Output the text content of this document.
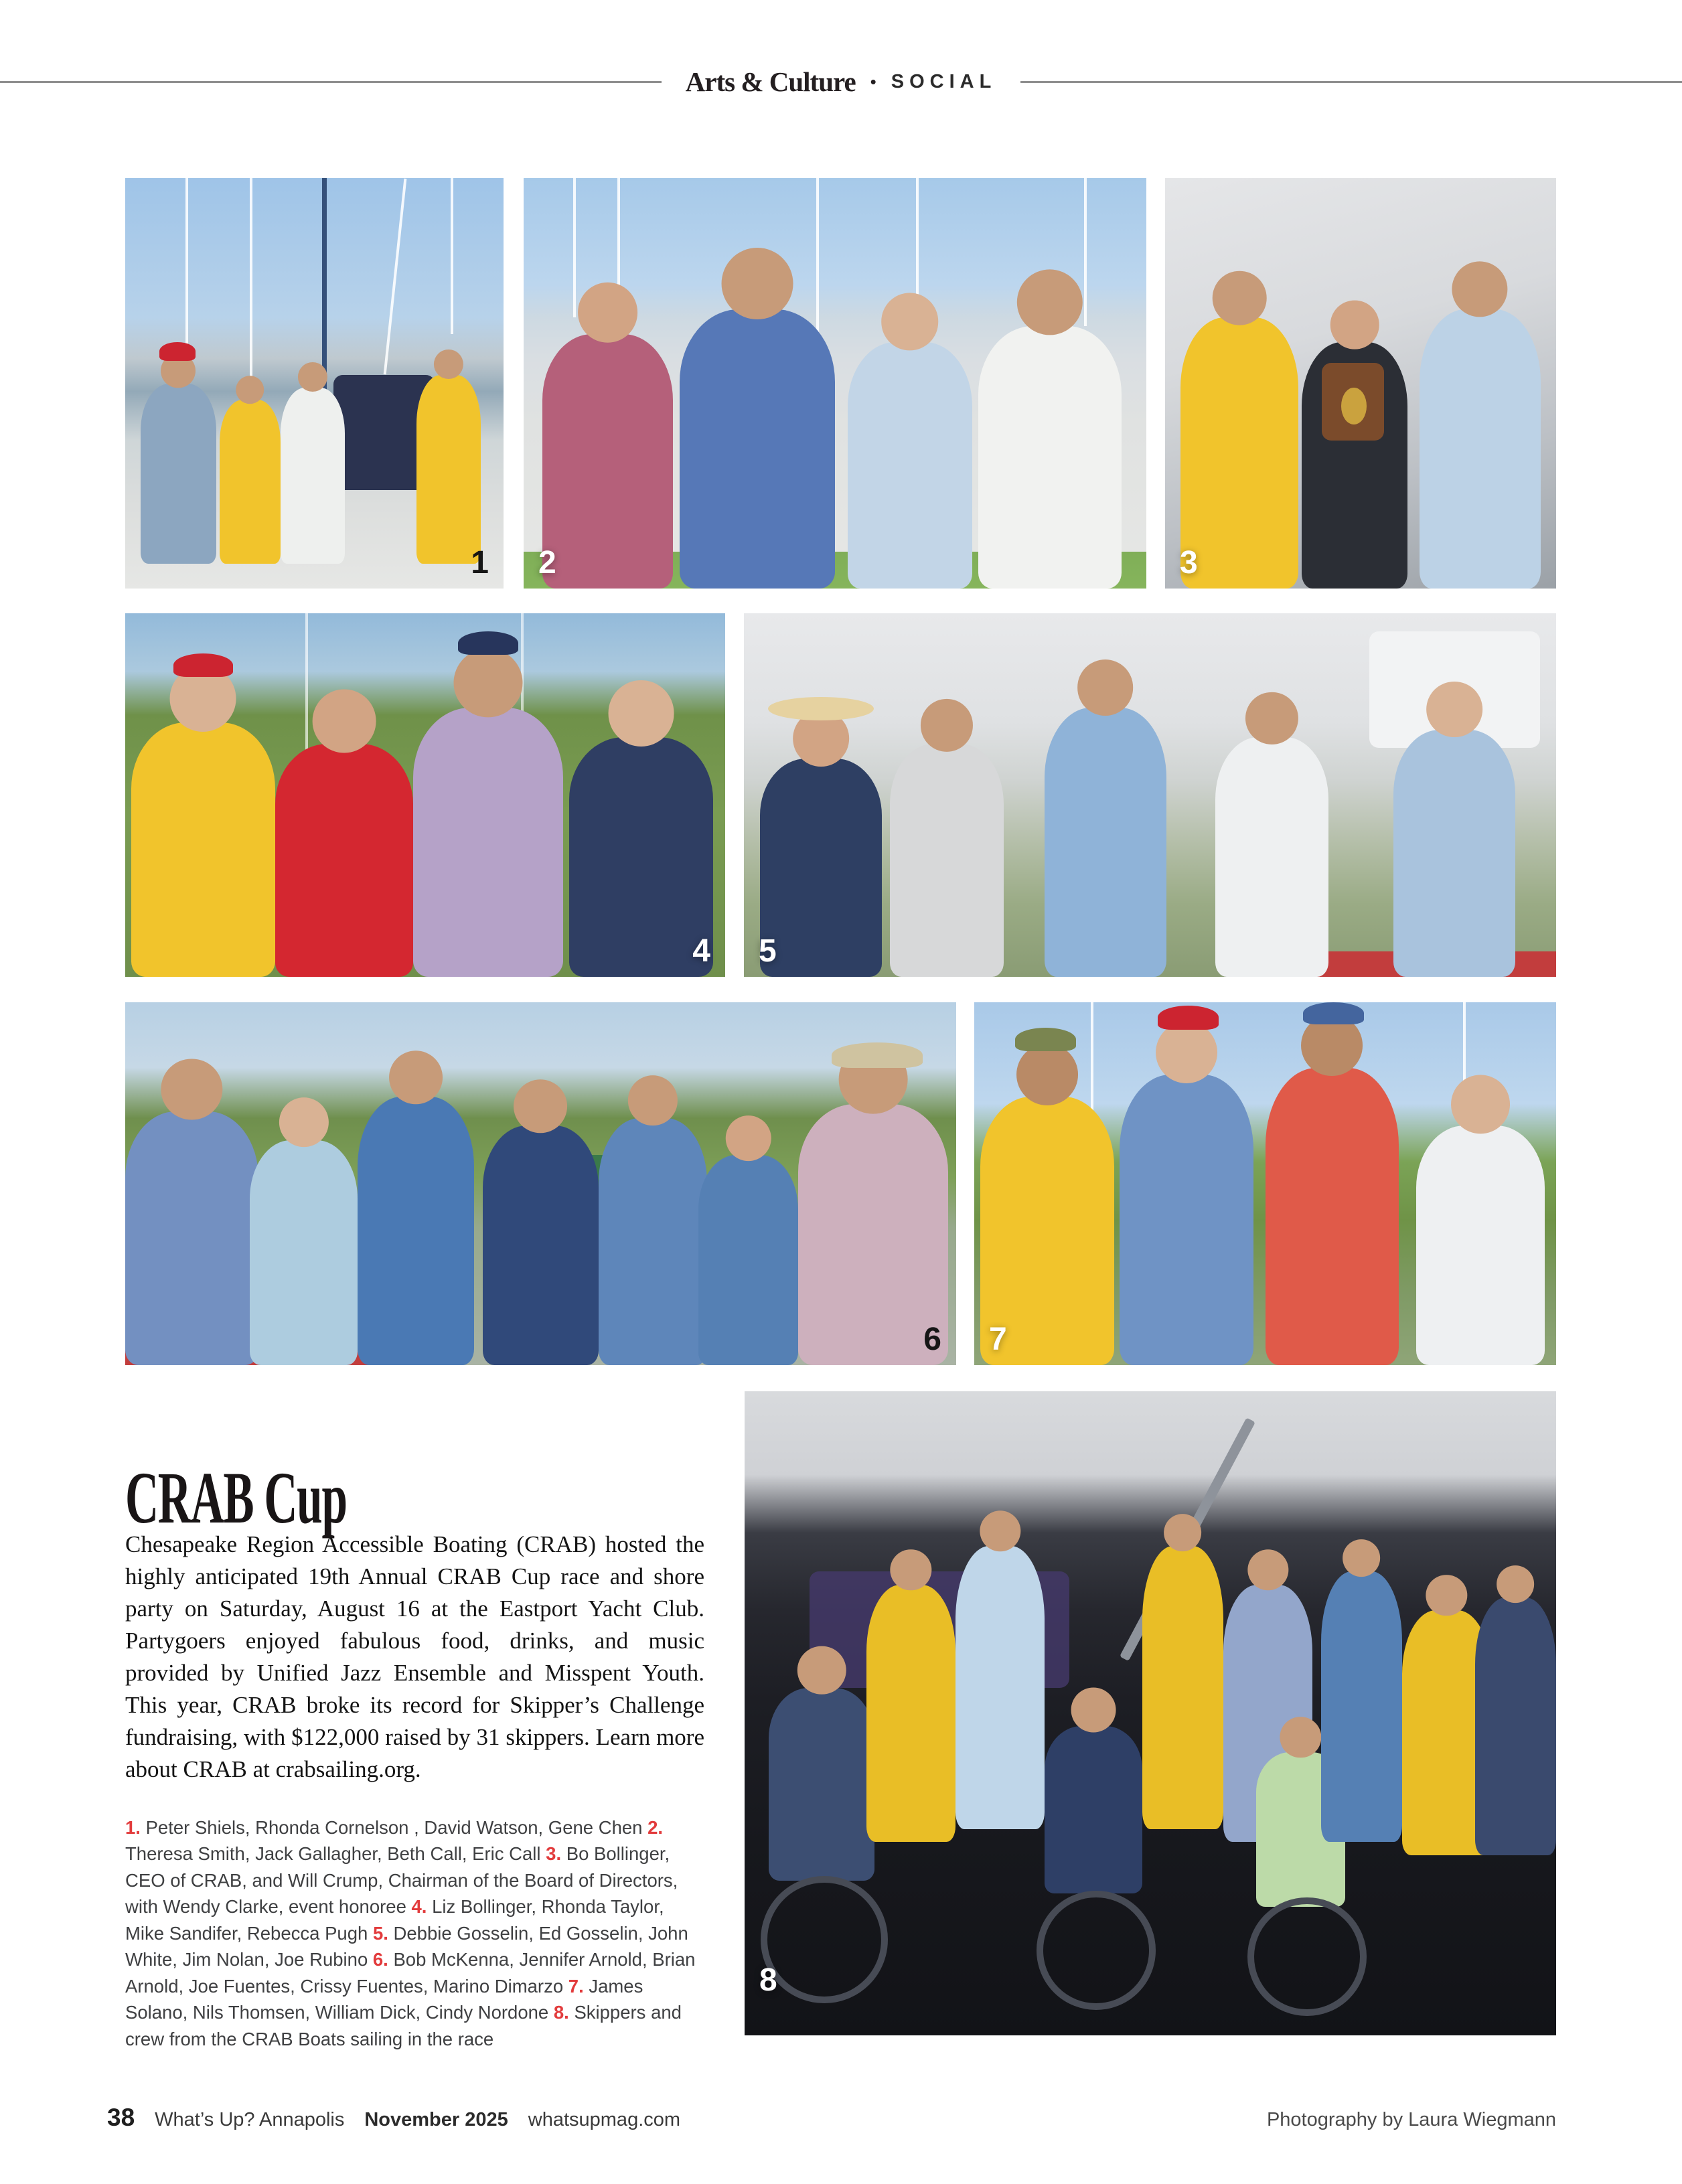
Arts & Culture • SOCIAL
1 2	3
4 5
6 7
8
CRAB Cup

Chesapeake Region Accessible Boating (CRAB) hosted the highly anticipated 19th Annual CRAB Cup race and shore party on Saturday, August 16 at the Eastport Yacht Club. Partygoers enjoyed fabulous food, drinks, and music provided by Unified Jazz Ensemble and Misspent Youth. This year, CRAB broke its record for Skipper’s Challenge fundraising, with $122,000 raised by 31 skippers. Learn more about CRAB at crabsailing.org.

1. Peter Shiels, Rhonda Cornelson , David Watson, Gene Chen 2. Theresa Smith, Jack Gallagher, Beth Call, Eric Call 3. Bo Bollinger, CEO of CRAB, and Will Crump, Chairman of the Board of Directors, with Wendy Clarke, event honoree 4. Liz Bollinger, Rhonda Taylor, Mike Sandifer, Rebecca Pugh 5. Debbie Gosselin, Ed Gosselin, John White, Jim Nolan, Joe Rubino 6. Bob McKenna, Jennifer Arnold, Brian Arnold, Joe Fuentes, Crissy Fuentes, Marino Dimarzo 7. James Solano, Nils Thomsen, William Dick, Cindy Nordone 8. Skippers and crew from the CRAB Boats sailing in the race

38 What’s Up? Annapolis November 2025 whatsupmag.com	Photography by Laura Wiegmann
